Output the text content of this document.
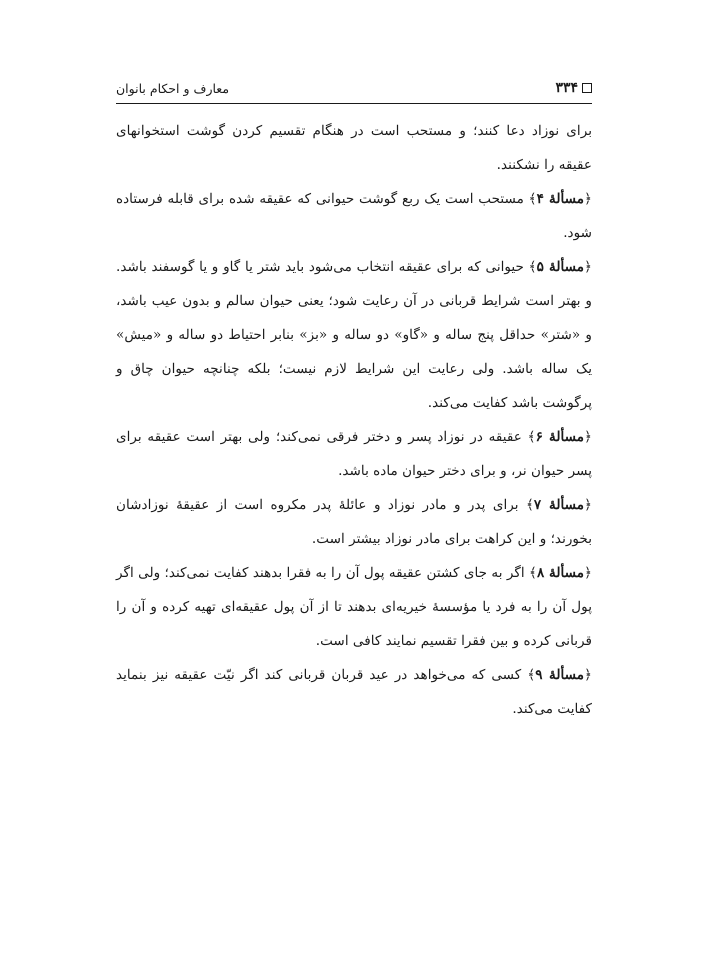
۳۳۴
معارف و احکام بانوان

برای نوزاد دعا کنند؛ و مستحب است در هنگام تقسیم کردن گوشت استخوانهای عقیقه را نشکنند.

﴿مسألهٔ ۴﴾ مستحب است یک ربع گوشت حیوانی که عقیقه شده برای قابله فرستاده شود.

﴿مسألهٔ ۵﴾ حیوانی که برای عقیقه انتخاب می‌شود باید شتر یا گاو و یا گوسفند باشد. و بهتر است شرایط قربانی در آن رعایت شود؛ یعنی حیوان سالم و بدون عیب باشد، و «شتر» حداقل پنج ساله و «گاو» دو ساله و «بز» بنابر احتیاط دو ساله و «میش» یک ساله باشد. ولی رعایت این شرایط لازم نیست؛ بلکه چنانچه حیوان چاق و پرگوشت باشد کفایت می‌کند.

﴿مسألهٔ ۶﴾ عقیقه در نوزاد پسر و دختر فرقی نمی‌کند؛ ولی بهتر است عقیقه برای پسر حیوان نر، و برای دختر حیوان ماده باشد.

﴿مسألهٔ ۷﴾ برای پدر و مادر نوزاد و عائلهٔ پدر مکروه است از عقیقهٔ نوزادشان بخورند؛ و این کراهت برای مادر نوزاد بیشتر است.

﴿مسألهٔ ۸﴾ اگر به جای کشتن عقیقه پول آن را به فقرا بدهند کفایت نمی‌کند؛ ولی اگر پول آن را به فرد یا مؤسسهٔ خیریه‌ای بدهند تا از آن پول عقیقه‌ای تهیه کرده و آن را قربانی کرده و بین فقرا تقسیم نمایند کافی است.

﴿مسألهٔ ۹﴾ کسی که می‌خواهد در عید قربان قربانی کند اگر نیّت عقیقه نیز بنماید کفایت می‌کند.
